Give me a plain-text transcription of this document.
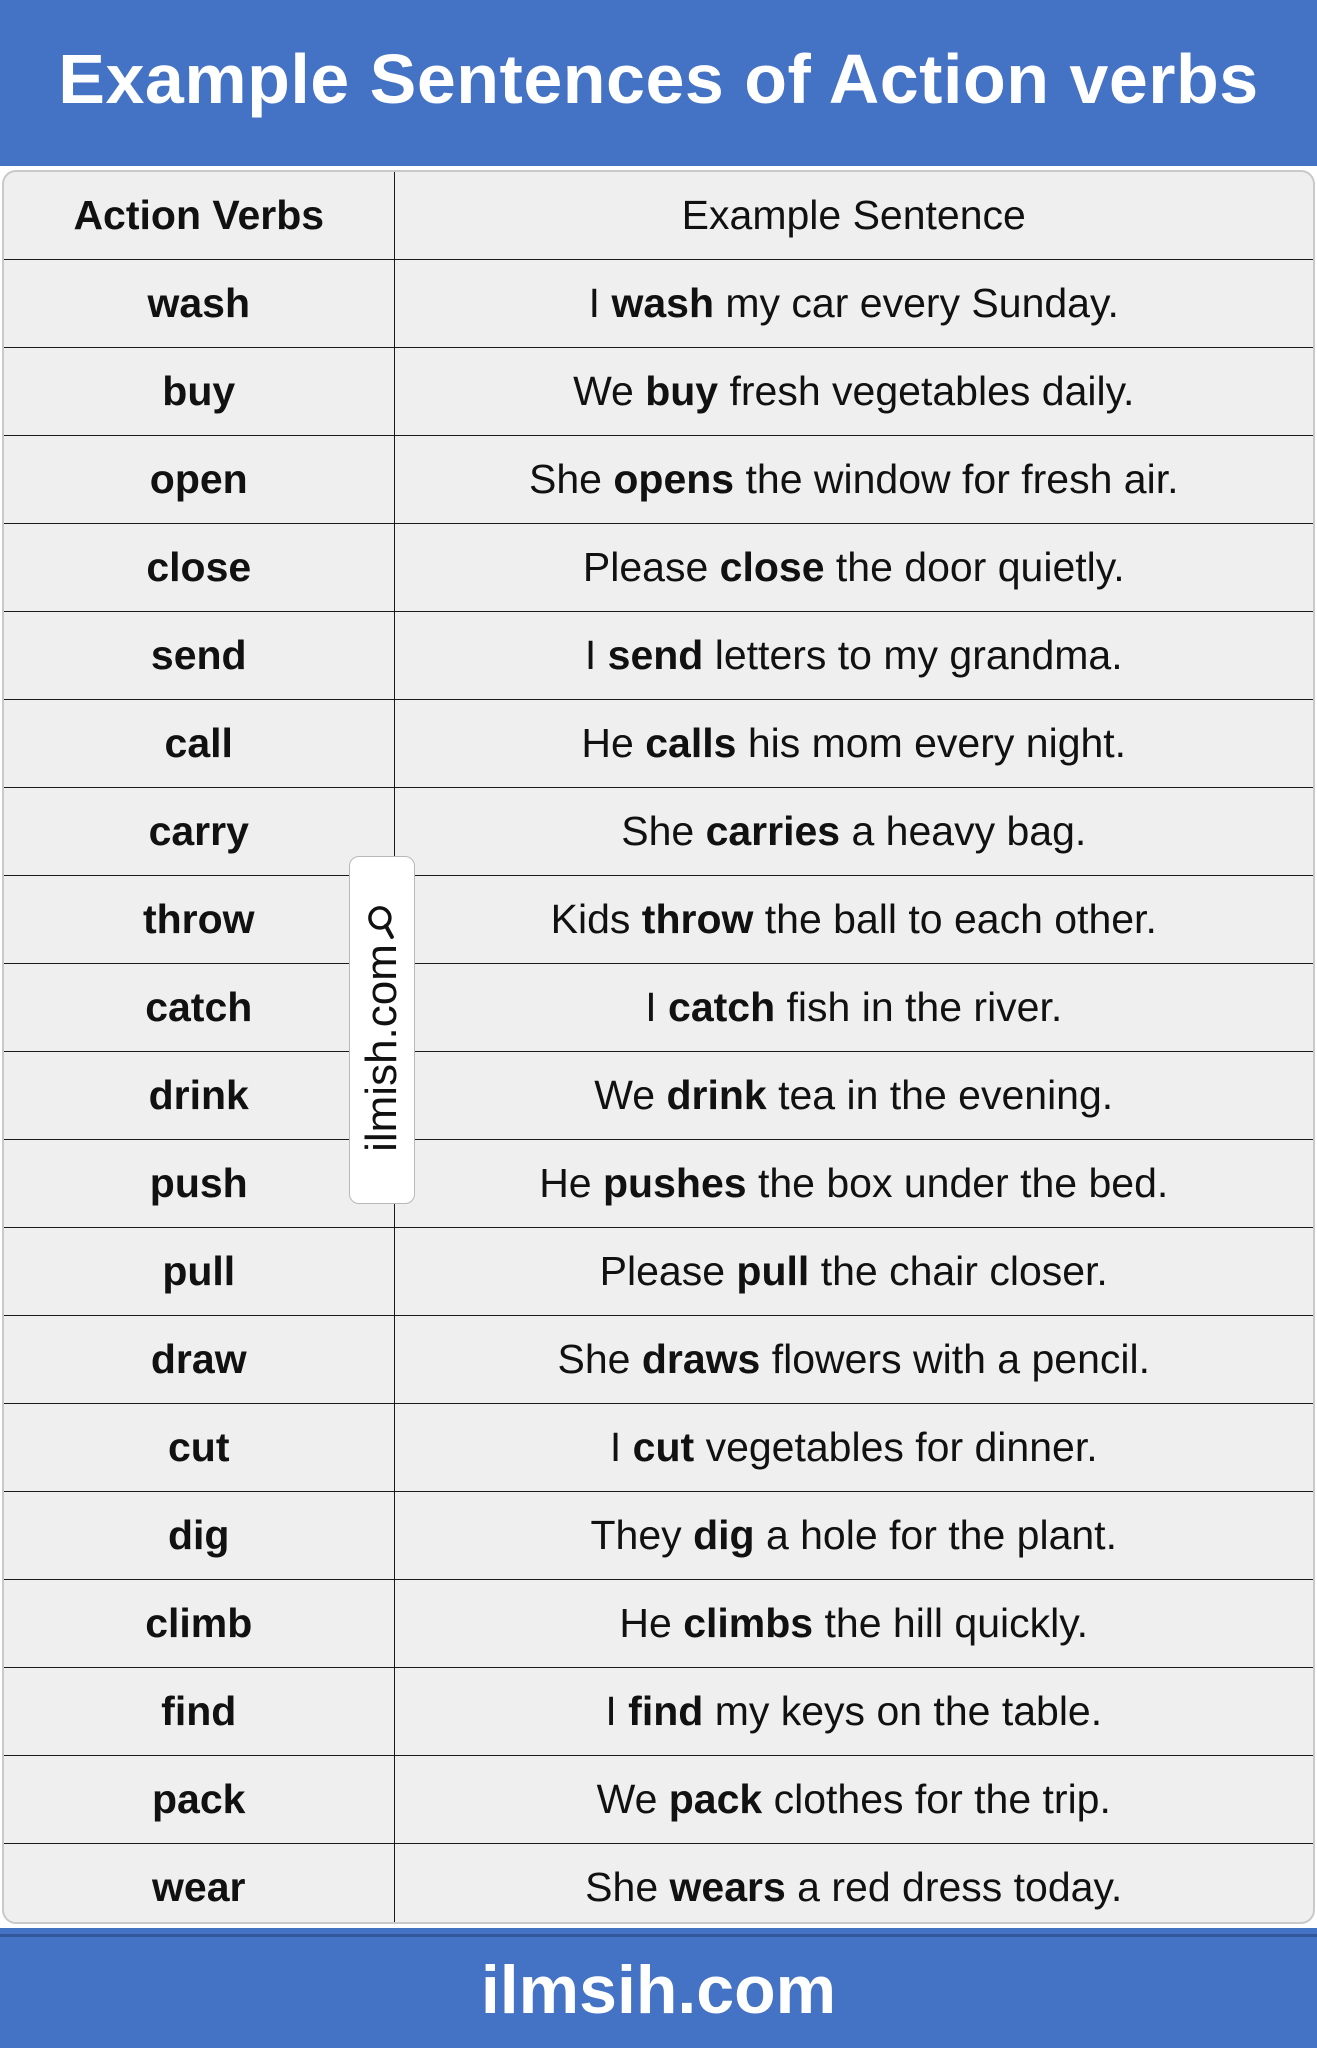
Example Sentences of Action verbs
Action Verbs	Example Sentence
wash	I wash my car every Sunday.
buy	We buy fresh vegetables daily.
open	She opens the window for fresh air.
close	Please close the door quietly.
send	I send letters to my grandma.
call	He calls his mom every night.
carry	She carries a heavy bag.
throw	Kids throw the ball to each other.
catch	I catch fish in the river.
drink	We drink tea in the evening.
push	He pushes the box under the bed.
pull	Please pull the chair closer.
draw	She draws flowers with a pencil.
cut	I cut vegetables for dinner.
dig	They dig a hole for the plant.
climb	He climbs the hill quickly.
find	I find my keys on the table.
pack	We pack clothes for the trip.
wear	She wears a red dress today.
ilmish.com
ilmsih.com
